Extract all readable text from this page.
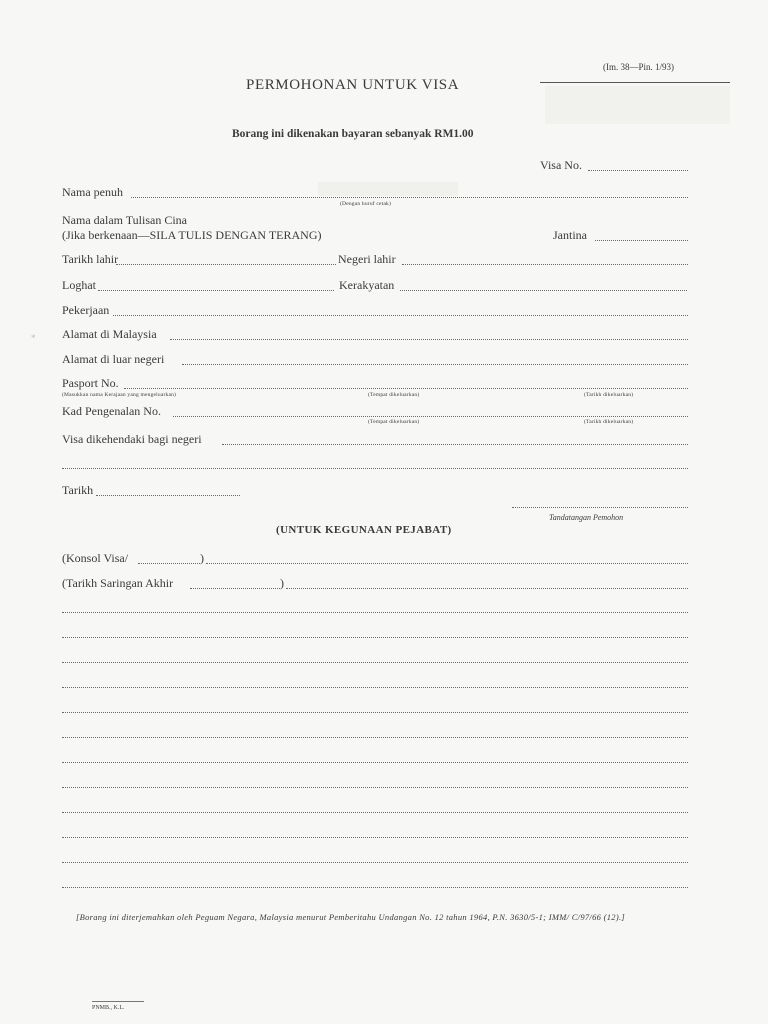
(Im. 38—Pin. 1/93)
PERMOHONAN UNTUK VISA
Borang ini dikenakan bayaran sebanyak RM1.00
Visa No.
Nama penuh
(Dengan huruf cetak)
Nama dalam Tulisan Cina
(Jika berkenaan—SILA TULIS DENGAN TERANG)	Jantina
Tarikh lahir	Negeri lahir
Loghat	Kerakyatan
Pekerjaan
Alamat di Malaysia
*
Alamat di luar negeri
Pasport No.
(Masukkan nama Kerajaan yang mengeluarkan)	(Tempat dikeluarkan)	(Tarikh dikeluarkan)
Kad Pengenalan No.
(Tempat dikeluarkan)	(Tarikh dikeluarkan)
Visa dikehendaki bagi negeri
Tarikh
Tandatangan Pemohon
(UNTUK KEGUNAAN PEJABAT)
(Konsol Visa/	)
(Tarikh Saringan Akhir	)
[Borang ini diterjemahkan oleh Peguam Negara, Malaysia menurut Pemberitahu Undangan No. 12 tahun 1964, P.N. 3630/5-1; IMM/ C/97/66 (12).]
PNMB., K.L.
